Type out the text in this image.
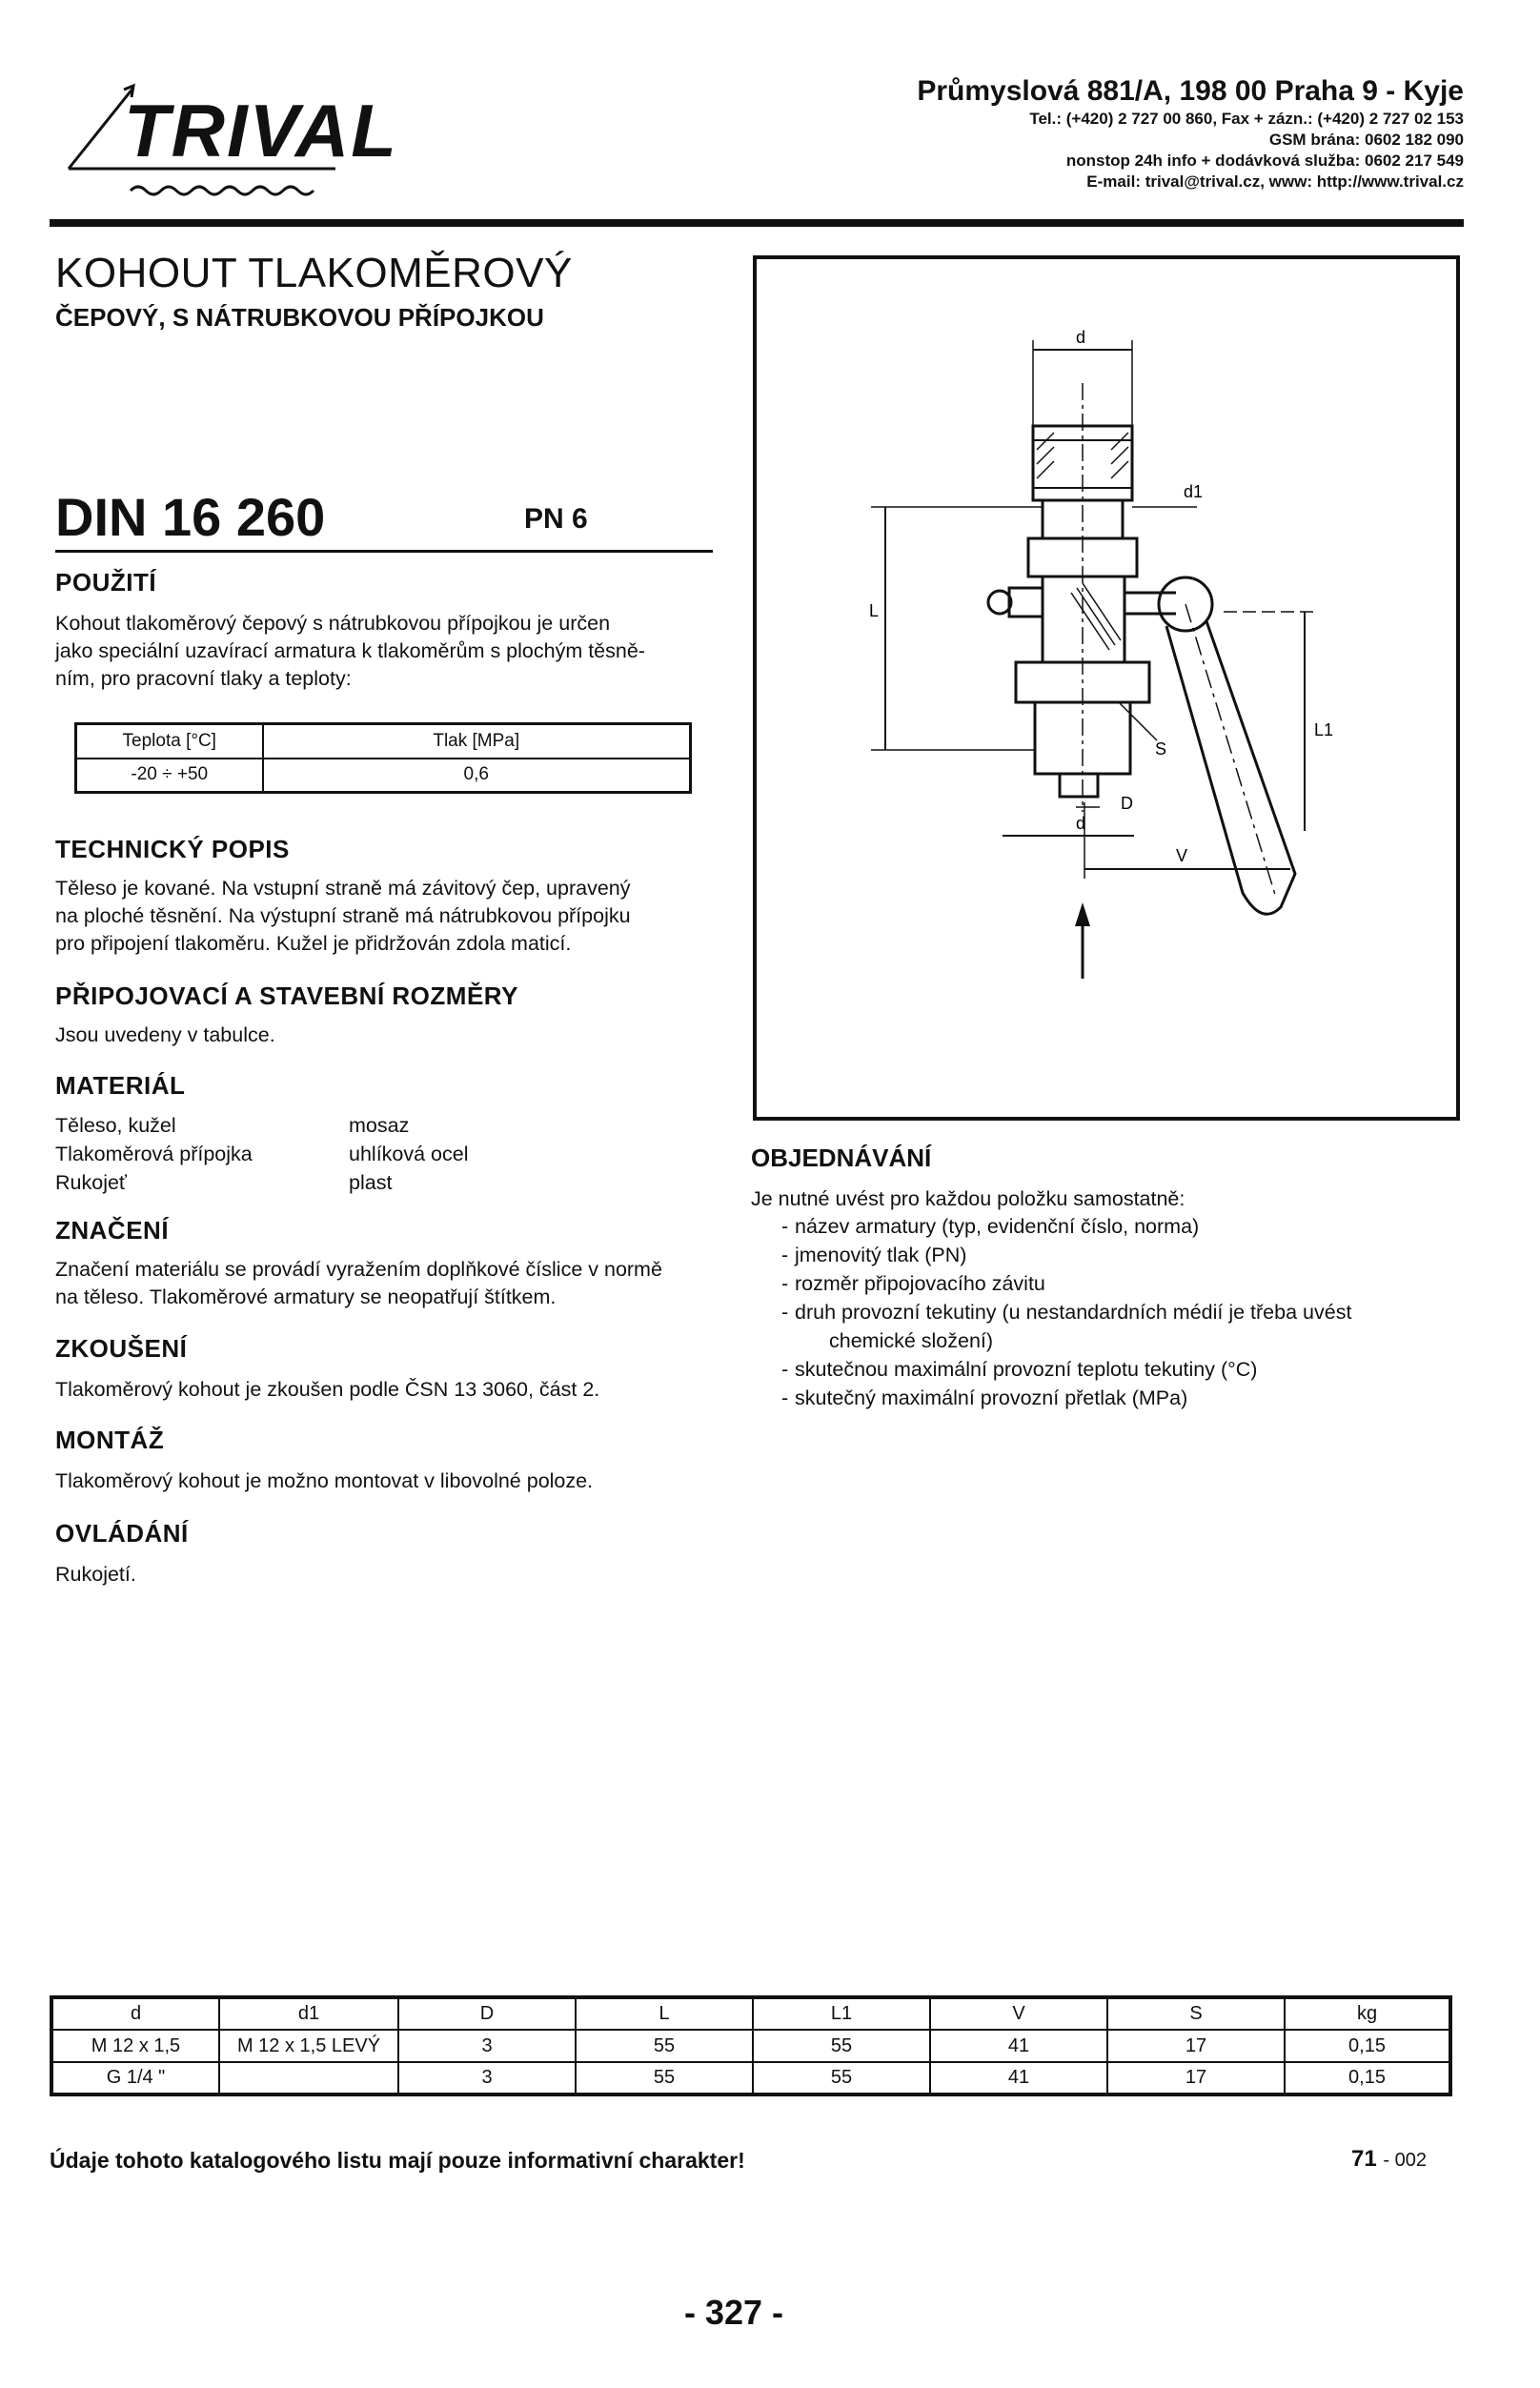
TRIVAL	Průmyslová 881/A, 198 00 Praha 9 - Kyje
Tel.: (+420) 2 727 00 860, Fax + zázn.: (+420) 2 727 02 153
GSM brána: 0602 182 090
nonstop 24h info + dodávková služba: 0602 217 549
E-mail: trival@trival.cz, www: http://www.trival.cz
KOHOUT TLAKOMĚROVÝ
ČEPOVÝ, S NÁTRUBKOVOU PŘÍPOJKOU
DIN 16 260	PN 6
POUŽITÍ
Kohout tlakoměrový čepový s nátrubkovou přípojkou je určen
jako speciální uzavírací armatura k tlakoměrům s plochým těsně-
ním, pro pracovní tlaky a teploty:
Teplota [°C]	Tlak [MPa]
-20 ÷ +50	0,6
TECHNICKÝ POPIS
Těleso je kované. Na vstupní straně má závitový čep, upravený
na ploché těsnění. Na výstupní straně má nátrubkovou přípojku
pro připojení tlakoměru. Kužel je přidržován zdola maticí.
PŘIPOJOVACÍ A STAVEBNÍ ROZMĚRY
Jsou uvedeny v tabulce.
MATERIÁL
Těleso, kužel	mosaz
Tlakoměrová přípojka	uhlíková ocel
Rukojeť	plast
ZNAČENÍ
Značení materiálu se provádí vyražením doplňkové číslice v normě
na těleso. Tlakoměrové armatury se neopatřují štítkem.
ZKOUŠENÍ
Tlakoměrový kohout je zkoušen podle ČSN 13 3060, část 2.
MONTÁŽ
Tlakoměrový kohout je možno montovat v libovolné poloze.
OVLÁDÁNÍ
Rukojetí.
d
d1
L
L1
S
D
d
V
OBJEDNÁVÁNÍ
Je nutné uvést pro každou položku samostatně:
- název armatury (typ, evidenční číslo, norma)
- jmenovitý tlak (PN)
- rozměr připojovacího závitu
- druh provozní tekutiny (u nestandardních médií je třeba uvést
chemické složení)
- skutečnou maximální provozní teplotu tekutiny (°C)
- skutečný maximální provozní přetlak (MPa)
d	d1	D	L	L1	V	S	kg
M 12 x 1,5	M 12 x 1,5 LEVÝ	3	55	55	41	17	0,15
G 1/4 "		3	55	55	41	17	0,15
Údaje tohoto katalogového listu mají pouze informativní charakter!	71 - 002
- 327 -
